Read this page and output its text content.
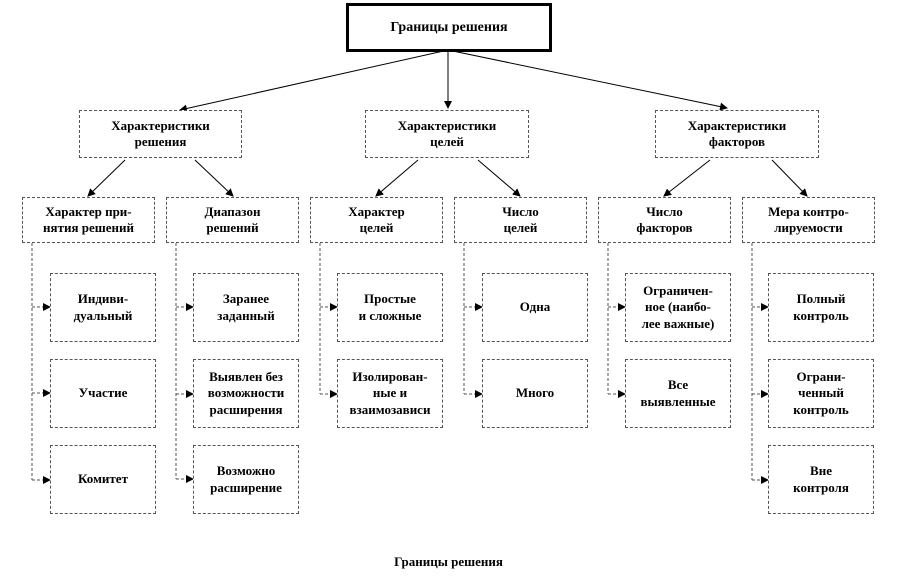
Границы решения
Характеристики
решения
Характеристики
целей
Характеристики
факторов
Характер при-
нятия решений
Диапазон
решений
Характер
целей
Число
целей
Число
факторов
Мера контро-
лируемости
Индиви-
дуальный
Участие
Комитет
Заранее
заданный
Выявлен без
возможности
расширения
Возможно
расширение
Простые
и сложные
Изолирован-
ные и
взаимозависи
Одна
Много
Ограничен-
ное (наибо-
лее важные)
Все
выявленные
Полный
контроль
Ограни-
ченный
контроль
Вне
контроля
Границы решения
